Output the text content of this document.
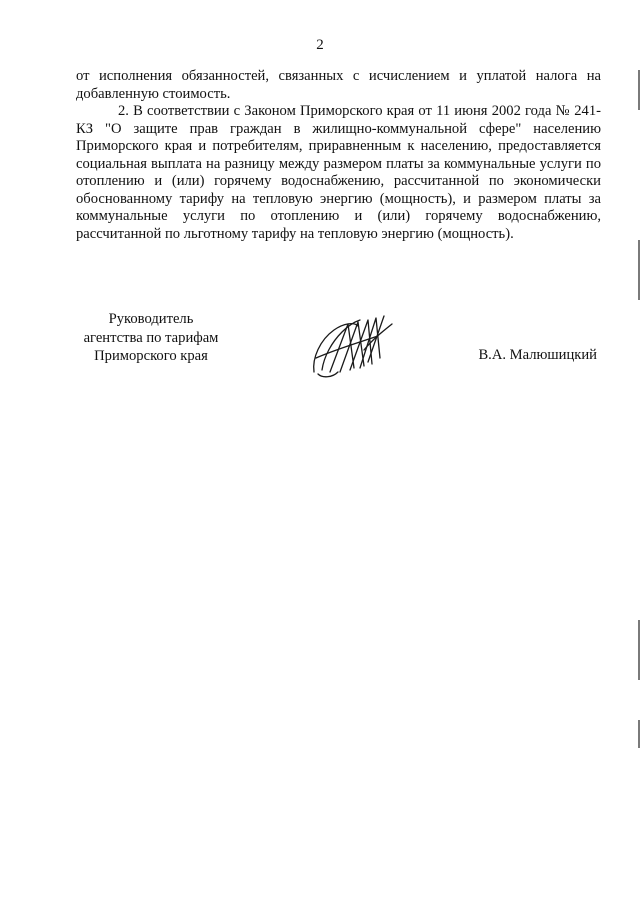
2

от исполнения обязанностей, связанных с исчислением и уплатой налога на добавленную стоимость.

2. В соответствии с Законом Приморского края от 11 июня 2002 года № 241-КЗ "О защите прав граждан в жилищно-коммунальной сфере" населению Приморского края и потребителям, приравненным к населению, предоставляется социальная выплата на разницу между размером платы за коммунальные услуги по отоплению и (или) горячему водоснабжению, рассчитанной по экономически обоснованному тарифу на тепловую энергию (мощность), и размером платы за коммунальные услуги по отоплению и (или) горячему водоснабжению, рассчитанной по льготному тарифу на тепловую энергию (мощность).

Руководитель
агентства по тарифам
Приморского края	В.А. Малюшицкий
